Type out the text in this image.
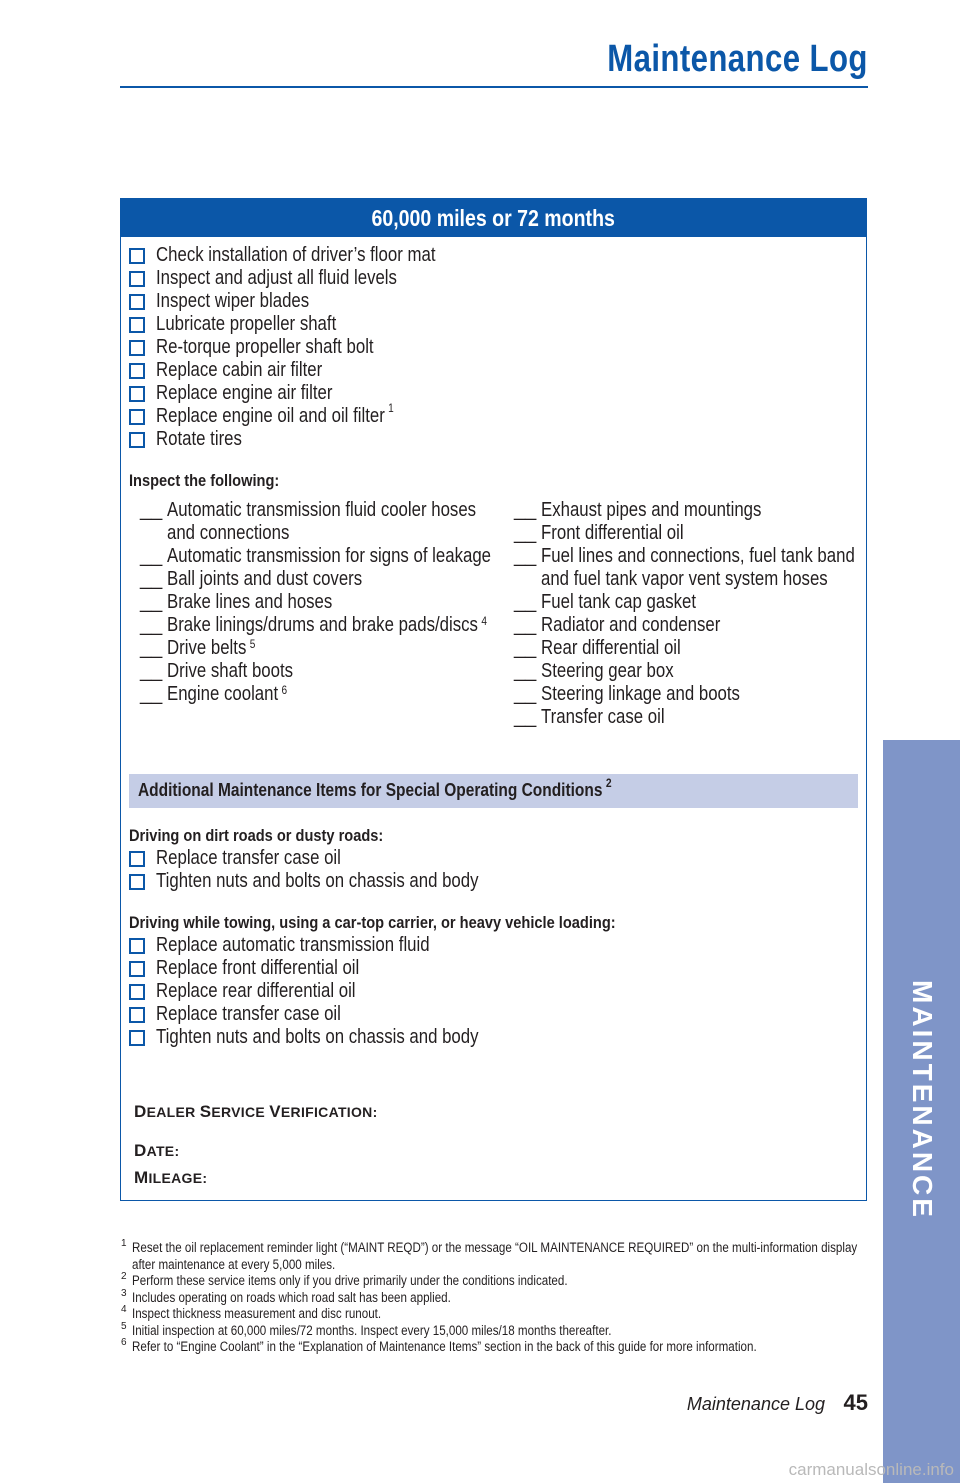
Maintenance Log
60,000 miles or 72 months
Check installation of driver’s floor mat
Inspect and adjust all fluid levels
Inspect wiper blades
Lubricate propeller shaft
Re-torque propeller shaft bolt
Replace cabin air filter
Replace engine air filter
Replace engine oil and oil filter $^1$
Rotate tires
Inspect the following:
__ Automatic transmission fluid cooler hoses and connections
__ Automatic transmission for signs of leakage
__ Ball joints and dust covers
__ Brake lines and hoses
__ Brake linings/drums and brake pads/discs $^4$
__ Drive belts $^5$
__ Drive shaft boots
__ Engine coolant $^6$
__ Exhaust pipes and mountings
__ Front differential oil
__ Fuel lines and connections, fuel tank band and fuel tank vapor vent system hoses
__ Fuel tank cap gasket
__ Radiator and condenser
__ Rear differential oil
__ Steering gear box
__ Steering linkage and boots
__ Transfer case oil
Additional Maintenance Items for Special Operating Conditions $^2$
Driving on dirt roads or dusty roads:
Replace transfer case oil
Tighten nuts and bolts on chassis and body
Driving while towing, using a car-top carrier, or heavy vehicle loading:
Replace automatic transmission fluid
Replace front differential oil
Replace rear differential oil
Replace transfer case oil
Tighten nuts and bolts on chassis and body
DEALER SERVICE VERIFICATION:
DATE:
MILEAGE:
1 Reset the oil replacement reminder light (“MAINT REQD”) or the message “OIL MAINTENANCE REQUIRED” on the multi-information display after maintenance at every 5,000 miles.
2 Perform these service items only if you drive primarily under the conditions indicated.
3 Includes operating on roads which road salt has been applied.
4 Inspect thickness measurement and disc runout.
5 Initial inspection at 60,000 miles/72 months. Inspect every 15,000 miles/18 months thereafter.
6 Refer to “Engine Coolant” in the “Explanation of Maintenance Items” section in the back of this guide for more information.
MAINTENANCE
Maintenance Log 45
carmanualsonline.info
